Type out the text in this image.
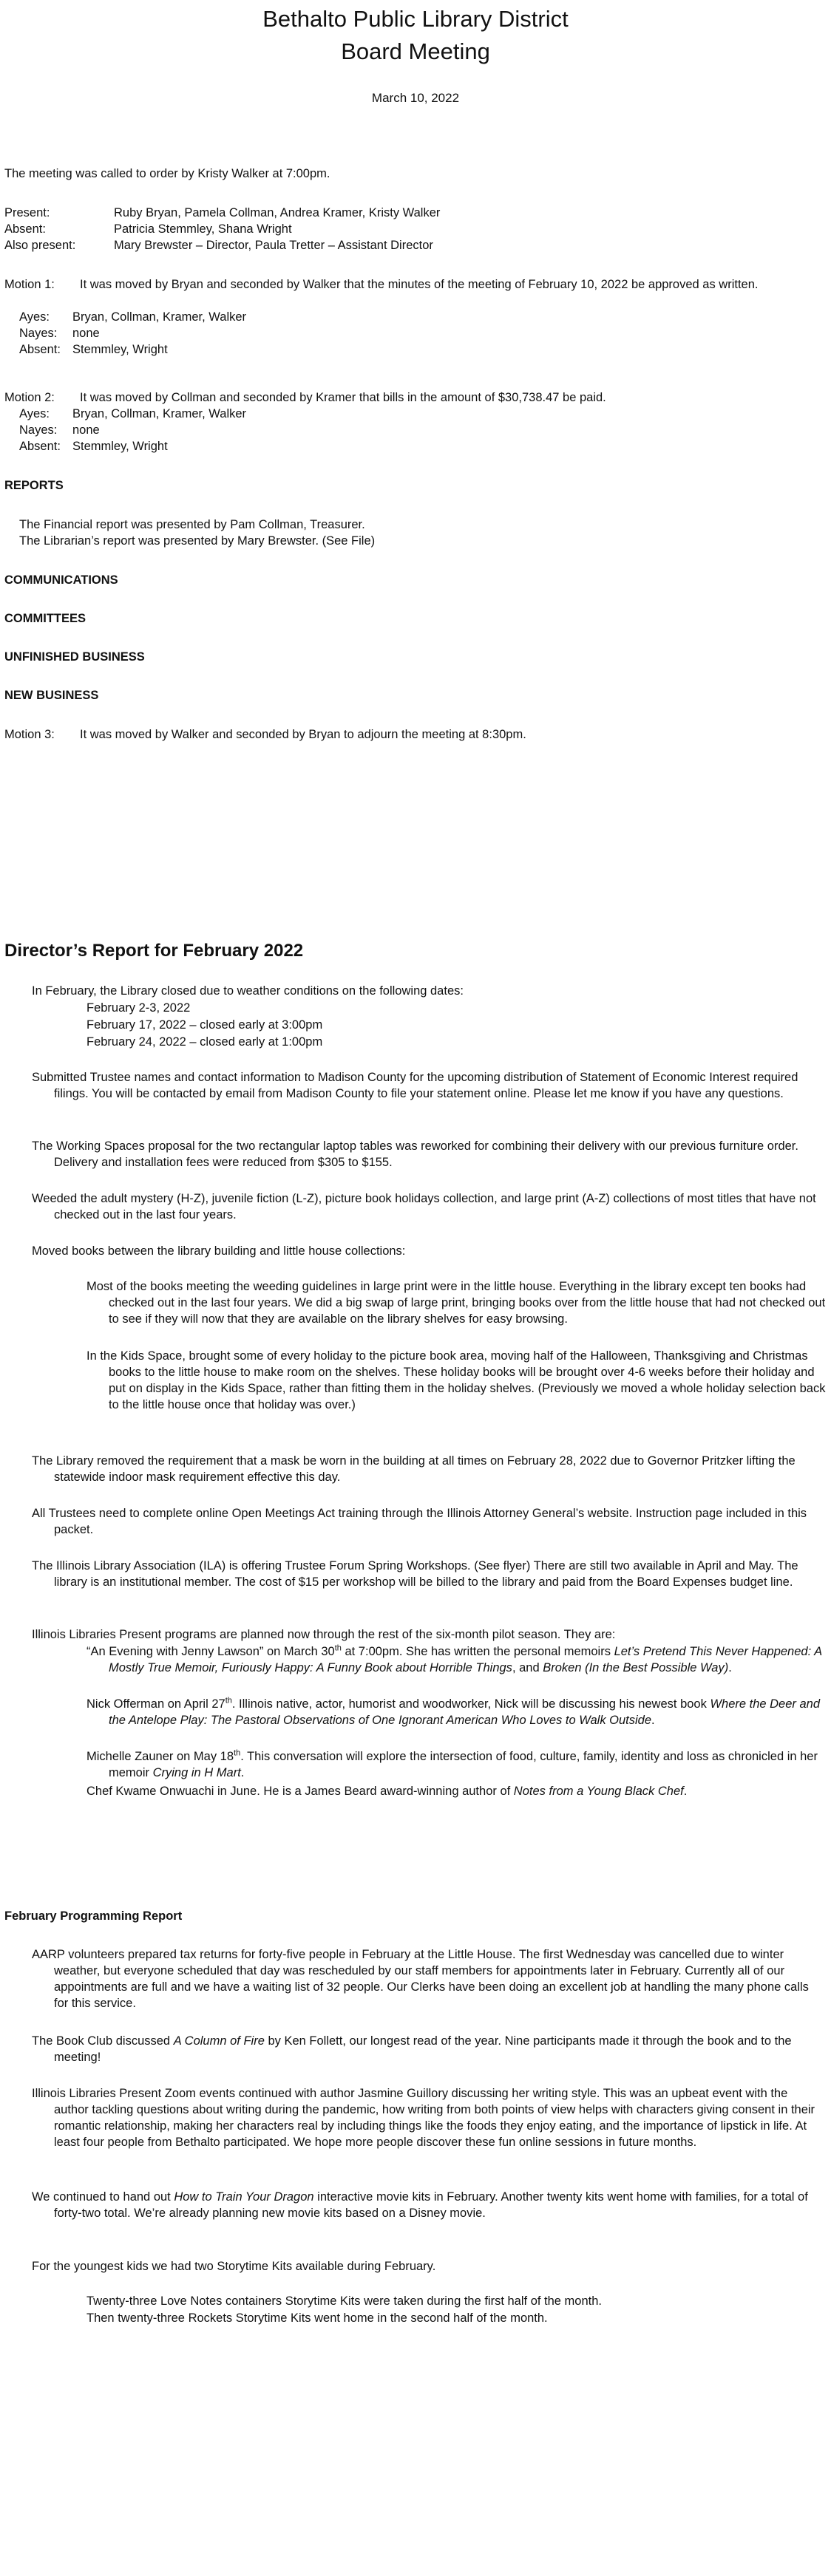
Bethalto Public Library District
Board Meeting
March 10, 2022
The meeting was called to order by Kristy Walker at 7:00pm.
Present:	Ruby Bryan, Pamela Collman, Andrea Kramer, Kristy Walker
Absent:	Patricia Stemmley, Shana Wright
Also present:	Mary Brewster – Director, Paula Tretter – Assistant Director
Motion 1: It was moved by Bryan and seconded by Walker that the minutes of the meeting of February 10, 2022 be approved as written.
Ayes: Bryan, Collman, Kramer, Walker
Nayes: none
Absent: Stemmley, Wright
Motion 2: It was moved by Collman and seconded by Kramer that bills in the amount of $30,738.47 be paid.
Ayes: Bryan, Collman, Kramer, Walker
Nayes: none
Absent: Stemmley, Wright
REPORTS
The Financial report was presented by Pam Collman, Treasurer.
The Librarian’s report was presented by Mary Brewster. (See File)
COMMUNICATIONS
COMMITTEES
UNFINISHED BUSINESS
NEW BUSINESS
Motion 3: It was moved by Walker and seconded by Bryan to adjourn the meeting at 8:30pm.
Director’s Report for February 2022
In February, the Library closed due to weather conditions on the following dates:
February 2-3, 2022
February 17, 2022 – closed early at 3:00pm
February 24, 2022 – closed early at 1:00pm
Submitted Trustee names and contact information to Madison County for the upcoming distribution of Statement of Economic Interest required filings. You will be contacted by email from Madison County to file your statement online. Please let me know if you have any questions.
The Working Spaces proposal for the two rectangular laptop tables was reworked for combining their delivery with our previous furniture order. Delivery and installation fees were reduced from $305 to $155.
Weeded the adult mystery (H-Z), juvenile fiction (L-Z), picture book holidays collection, and large print (A-Z) collections of most titles that have not checked out in the last four years.
Moved books between the library building and little house collections:
Most of the books meeting the weeding guidelines in large print were in the little house. Everything in the library except ten books had checked out in the last four years. We did a big swap of large print, bringing books over from the little house that had not checked out to see if they will now that they are available on the library shelves for easy browsing.
In the Kids Space, brought some of every holiday to the picture book area, moving half of the Halloween, Thanksgiving and Christmas books to the little house to make room on the shelves. These holiday books will be brought over 4-6 weeks before their holiday and put on display in the Kids Space, rather than fitting them in the holiday shelves. (Previously we moved a whole holiday selection back to the little house once that holiday was over.)
The Library removed the requirement that a mask be worn in the building at all times on February 28, 2022 due to Governor Pritzker lifting the statewide indoor mask requirement effective this day.
All Trustees need to complete online Open Meetings Act training through the Illinois Attorney General’s website. Instruction page included in this packet.
The Illinois Library Association (ILA) is offering Trustee Forum Spring Workshops. (See flyer) There are still two available in April and May. The library is an institutional member. The cost of $15 per workshop will be billed to the library and paid from the Board Expenses budget line.
Illinois Libraries Present programs are planned now through the rest of the six-month pilot season. They are:
“An Evening with Jenny Lawson” on March 30th at 7:00pm. She has written the personal memoirs Let’s Pretend This Never Happened: A Mostly True Memoir, Furiously Happy: A Funny Book about Horrible Things, and Broken (In the Best Possible Way).
Nick Offerman on April 27th. Illinois native, actor, humorist and woodworker, Nick will be discussing his newest book Where the Deer and the Antelope Play: The Pastoral Observations of One Ignorant American Who Loves to Walk Outside.
Michelle Zauner on May 18th. This conversation will explore the intersection of food, culture, family, identity and loss as chronicled in her memoir Crying in H Mart.
Chef Kwame Onwuachi in June. He is a James Beard award-winning author of Notes from a Young Black Chef.
February Programming Report
AARP volunteers prepared tax returns for forty-five people in February at the Little House. The first Wednesday was cancelled due to winter weather, but everyone scheduled that day was rescheduled by our staff members for appointments later in February. Currently all of our appointments are full and we have a waiting list of 32 people. Our Clerks have been doing an excellent job at handling the many phone calls for this service.
The Book Club discussed A Column of Fire by Ken Follett, our longest read of the year. Nine participants made it through the book and to the meeting!
Illinois Libraries Present Zoom events continued with author Jasmine Guillory discussing her writing style. This was an upbeat event with the author tackling questions about writing during the pandemic, how writing from both points of view helps with characters giving consent in their romantic relationship, making her characters real by including things like the foods they enjoy eating, and the importance of lipstick in life. At least four people from Bethalto participated. We hope more people discover these fun online sessions in future months.
We continued to hand out How to Train Your Dragon interactive movie kits in February. Another twenty kits went home with families, for a total of forty-two total. We’re already planning new movie kits based on a Disney movie.
For the youngest kids we had two Storytime Kits available during February.
Twenty-three Love Notes containers Storytime Kits were taken during the first half of the month.
Then twenty-three Rockets Storytime Kits went home in the second half of the month.
